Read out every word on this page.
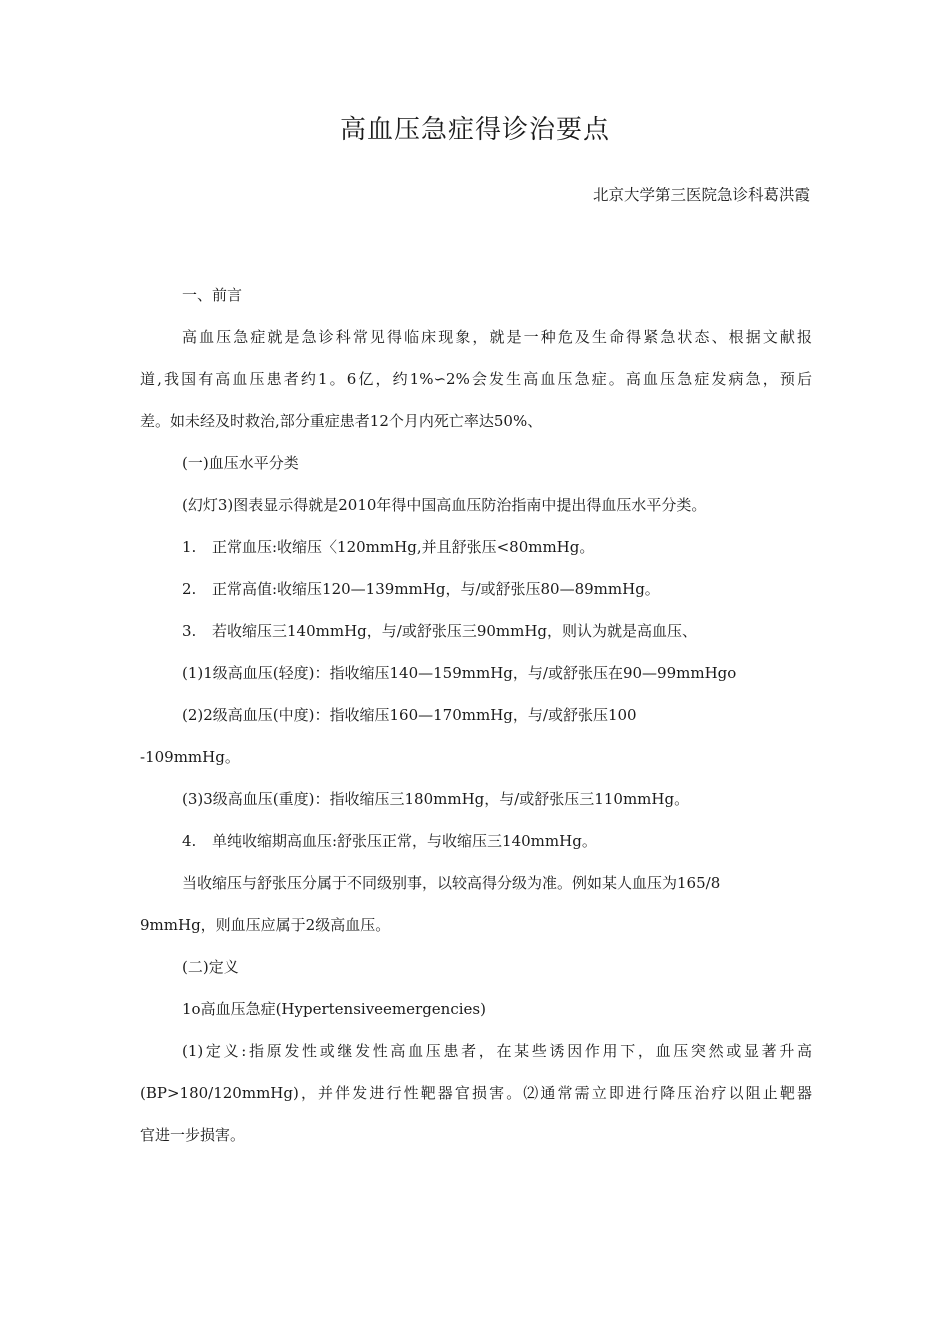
高血压急症得诊治要点
北京大学第三医院急诊科葛洪霞
一、前言
高血压急症就是急诊科常见得临床现象，就是一种危及生命得紧急状态、根据文献报
道,我国有高血压患者约1。6亿，约1%∽2%会发生高血压急症。高血压急症发病急，预后
差。如未经及时救治,部分重症患者12个月内死亡率达50%、
(一)血压水平分类
(幻灯3)图表显示得就是2010年得中国高血压防治指南中提出得血压水平分类。
1. 正常血压:收缩压〈120mmHg,并且舒张压<80mmHg。
2. 正常高值:收缩压120—139mmHg，与/或舒张压80—89mmHg。
3. 若收缩压三140mmHg，与/或舒张压三90mmHg，则认为就是高血压、
(1)1级高血压(轻度)：指收缩压140—159mmHg，与/或舒张压在90—99mmHgo
(2)2级高血压(中度)：指收缩压160—170mmHg，与/或舒张压100
-109mmHg。
(3)3级高血压(重度)：指收缩压三180mmHg，与/或舒张压三110mmHg。
4. 单纯收缩期高血压:舒张压正常，与收缩压三140mmHg。
当收缩压与舒张压分属于不同级别事，以较高得分级为准。例如某人血压为165/8
9mmHg，则血压应属于2级高血压。
(二)定义
1o高血压急症(Hypertensiveemergencies)
(1)定义:指原发性或继发性高血压患者，在某些诱因作用下，血压突然或显著升高
(BP>180/120mmHg)，并伴发进行性靶器官损害。⑵通常需立即进行降压治疗以阻止靶器
官进一步损害。
